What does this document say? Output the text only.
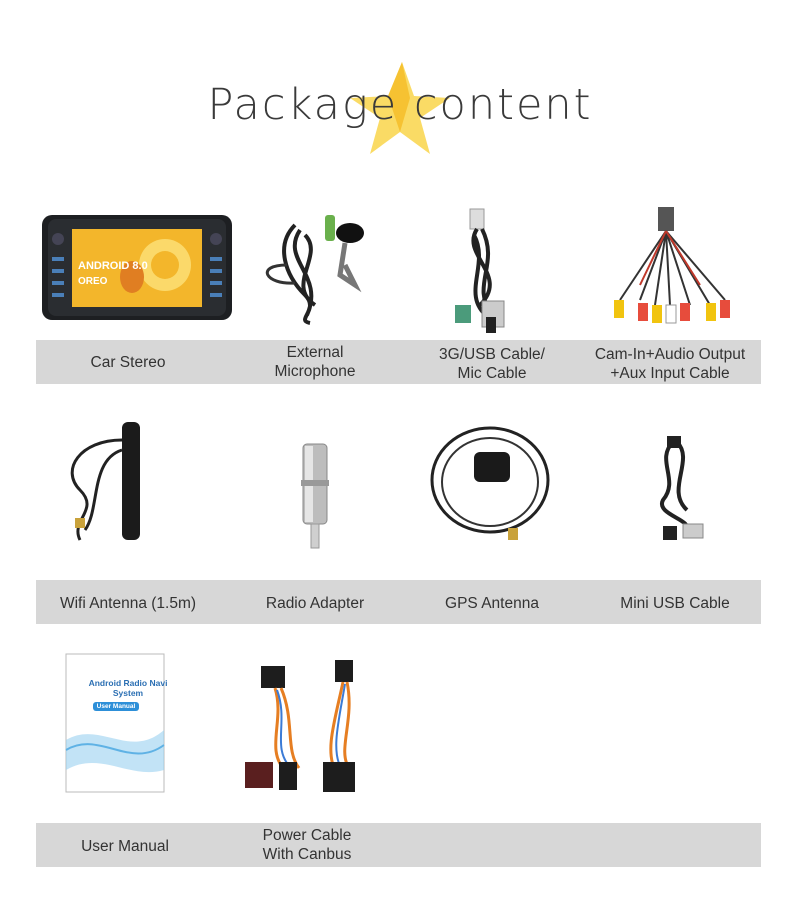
Package content
ANDROID 8.0
OREO
Car Stereo
External
Microphone
3G/USB Cable/
Mic Cable
Cam-In+Audio Output
+Aux Input Cable
Wifi Antenna (1.5m)	Radio Adapter	GPS Antenna	Mini USB Cable
Android Radio Navi
System
User Manual
User Manual
Power Cable
With Canbus
